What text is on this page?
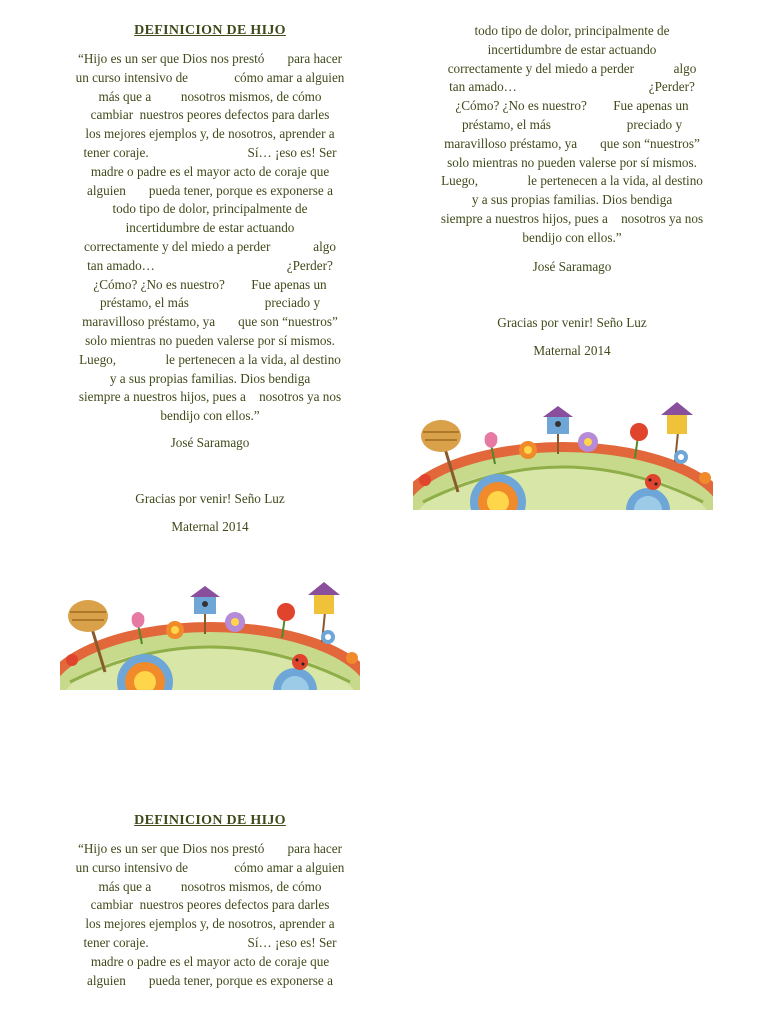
DEFINICION DE HIJO

“Hijo es un ser que Dios nos prestó       para hacer
un curso intensivo de              cómo amar a alguien
más que a         nosotros mismos, de cómo
cambiar  nuestros peores defectos para darles
los mejores ejemplos y, de nosotros, aprender a
tener coraje.                              Sí… ¡eso es! Ser
madre o padre es el mayor acto de coraje que
alguien       pueda tener, porque es exponerse a
todo tipo de dolor, principalmente de
incertidumbre de estar actuando
correctamente y del miedo a perder             algo
tan amado…                                        ¿Perder?
¿Cómo? ¿No es nuestro?        Fue apenas un
préstamo, el más                       preciado y
maravilloso préstamo, ya       que son “nuestros”
solo mientras no pueden valerse por sí mismos.
Luego,               le pertenecen a la vida, al destino
y a sus propias familias. Dios bendiga
siempre a nuestros hijos, pues a    nosotros ya nos
bendijo con ellos.”

José Saramago

Gracias por venir! Seño Luz

Maternal 2014

todo tipo de dolor, principalmente de
incertidumbre de estar actuando
correctamente y del miedo a perder            algo
tan amado…                                        ¿Perder?
¿Cómo? ¿No es nuestro?        Fue apenas un
préstamo, el más                       preciado y
maravilloso préstamo, ya       que son “nuestros”
solo mientras no pueden valerse por sí mismos.
Luego,               le pertenecen a la vida, al destino
y a sus propias familias. Dios bendiga
siempre a nuestros hijos, pues a    nosotros ya nos
bendijo con ellos.”

José Saramago

Gracias por venir! Seño Luz

Maternal 2014

DEFINICION DE HIJO

“Hijo es un ser que Dios nos prestó       para hacer
un curso intensivo de              cómo amar a alguien
más que a         nosotros mismos, de cómo
cambiar  nuestros peores defectos para darles
los mejores ejemplos y, de nosotros, aprender a
tener coraje.                              Sí… ¡eso es! Ser
madre o padre es el mayor acto de coraje que
alguien       pueda tener, porque es exponerse a
